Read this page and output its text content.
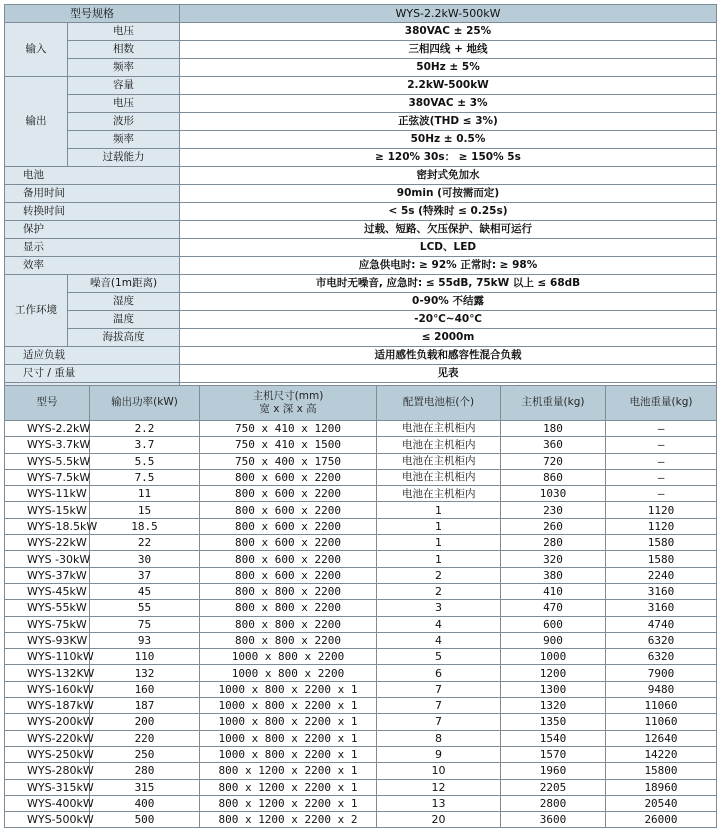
型号规格		WYS-2.2kW-500kW
输入	电压	380VAC ± 25%
	相数	三相四线 + 地线
	频率	50Hz ± 5%
输出	容量	2.2kW-500kW
	电压	380VAC ± 3%
	波形	正弦波(THD ≤ 3%)
	频率	50Hz ± 0.5%
	过载能力	≥ 120% 30s： ≥ 150% 5s
电池		密封式免加水
备用时间		90min (可按需而定)
转换时间		< 5s (特殊时 ≤ 0.25s)
保护		过载、短路、欠压保护、缺相可运行
显示		LCD、LED
效率		应急供电时: ≥ 92% 正常时: ≥ 98%
工作环境	噪音(1m距离)	市电时无噪音, 应急时: ≤ 55dB, 75kW 以上 ≤ 68dB
	湿度	0-90% 不结露
	温度	-20℃~40℃
	海拔高度	≤ 2000m
适应负载		适用感性负载和感容性混合负载
尺寸 / 重量		见表

型号	输出功率(kW)	主机尺寸(mm)
宽 x 深 x 高	配置电池柜(个)	主机重量(kg)	电池重量(kg)
WYS-2.2kW	2.2	750 x 410 x 1200	电池在主机柜内	180	—
WYS-3.7kW	3.7	750 x 410 x 1500	电池在主机柜内	360	—
WYS-5.5kW	5.5	750 x 400 x 1750	电池在主机柜内	720	—
WYS-7.5kW	7.5	800 x 600 x 2200	电池在主机柜内	860	—
WYS-11kW	11	800 x 600 x 2200	电池在主机柜内	1030	—
WYS-15kW	15	800 x 600 x 2200	1	230	1120
WYS-18.5kW	18.5	800 x 600 x 2200	1	260	1120
WYS-22kW	22	800 x 600 x 2200	1	280	1580
WYS -30kW	30	800 x 600 x 2200	1	320	1580
WYS-37kW	37	800 x 600 x 2200	2	380	2240
WYS-45kW	45	800 x 800 x 2200	2	410	3160
WYS-55kW	55	800 x 800 x 2200	3	470	3160
WYS-75kW	75	800 x 800 x 2200	4	600	4740
WYS-93KW	93	800 x 800 x 2200	4	900	6320
WYS-110kW	110	1000 x 800 x 2200	5	1000	6320
WYS-132KW	132	1000 x 800 x 2200	6	1200	7900
WYS-160kW	160	1000 x 800 x 2200 x 1	7	1300	9480
WYS-187kW	187	1000 x 800 x 2200 x 1	7	1320	11060
WYS-200kW	200	1000 x 800 x 2200 x 1	7	1350	11060
WYS-220kW	220	1000 x 800 x 2200 x 1	8	1540	12640
WYS-250kW	250	1000 x 800 x 2200 x 1	9	1570	14220
WYS-280kW	280	800 x 1200 x 2200 x 1	10	1960	15800
WYS-315kW	315	800 x 1200 x 2200 x 1	12	2205	18960
WYS-400kW	400	800 x 1200 x 2200 x 1	13	2800	20540
WYS-500kW	500	800 x 1200 x 2200 x 2	20	3600	26000
